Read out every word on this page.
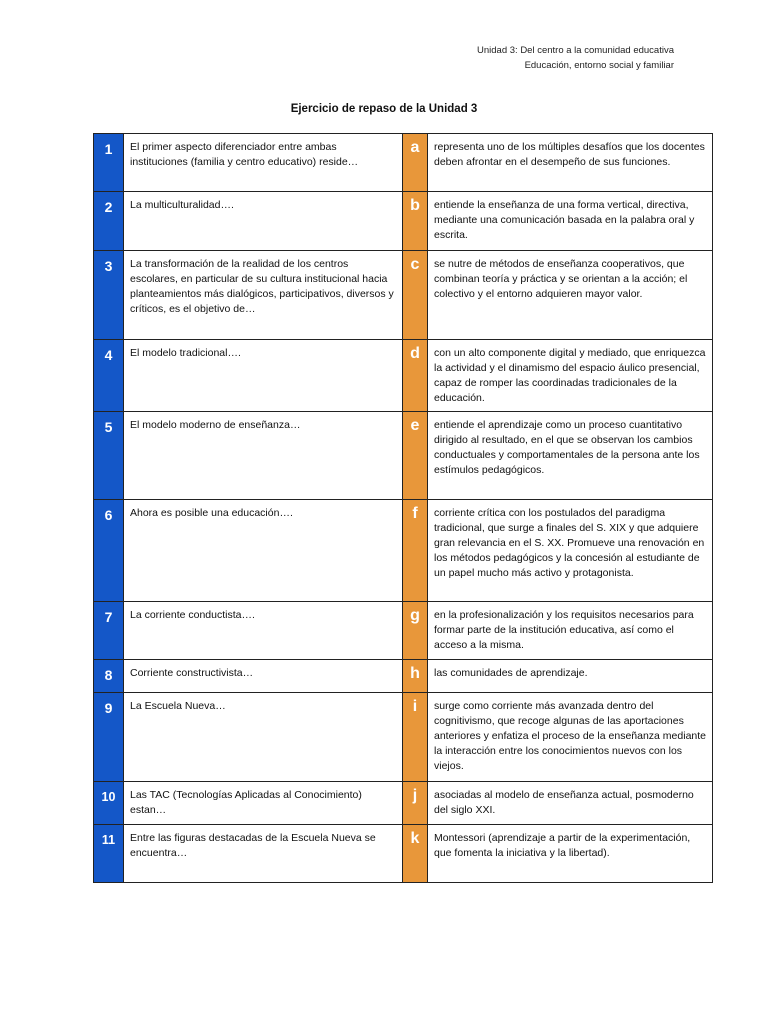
Unidad 3: Del centro a la comunidad educativa
Educación, entorno social y familiar
Ejercicio de repaso de la Unidad 3
1	El primer aspecto diferenciador entre ambas instituciones (familia y centro educativo) reside…	a	representa uno de los múltiples desafíos que los docentes deben afrontar en el desempeño de sus funciones.
2	La multiculturalidad….	b	entiende la enseñanza de una forma vertical, directiva, mediante una comunicación basada en la palabra oral y escrita.
3	La transformación de la realidad de los centros escolares, en particular de su cultura institucional hacia planteamientos más dialógicos, participativos, diversos y críticos, es el objetivo de…	c	se nutre de métodos de enseñanza cooperativos, que combinan teoría y práctica y se orientan a la acción; el colectivo y el entorno adquieren mayor valor.
4	El modelo tradicional….	d	con un alto componente digital y mediado, que enriquezca la actividad y el dinamismo del espacio áulico presencial, capaz de romper las coordinadas tradicionales de la educación.
5	El modelo moderno de enseñanza…	e	entiende el aprendizaje como un proceso cuantitativo dirigido al resultado, en el que se observan los cambios conductuales y comportamentales de la persona ante los estímulos pedagógicos.
6	Ahora es posible una educación….	f	corriente crítica con los postulados del paradigma tradicional, que surge a finales del S. XIX y que adquiere gran relevancia en el S. XX. Promueve una renovación en los métodos pedagógicos y la concesión al estudiante de un papel mucho más activo y protagonista.
7	La corriente conductista….	g	en la profesionalización y los requisitos necesarios para formar parte de la institución educativa, así como el acceso a la misma.
8	Corriente constructivista…	h	las comunidades de aprendizaje.
9	La Escuela Nueva…	i	surge como corriente más avanzada dentro del cognitivismo, que recoge algunas de las aportaciones anteriores y enfatiza el proceso de la enseñanza mediante la interacción entre los conocimientos nuevos con los viejos.
10	Las TAC (Tecnologías Aplicadas al Conocimiento) estan…	j	asociadas al modelo de enseñanza actual, posmoderno del siglo XXI.
11	Entre las figuras destacadas de la Escuela Nueva se encuentra…	k	Montessori (aprendizaje a partir de la experimentación, que fomenta la iniciativa y la libertad).
